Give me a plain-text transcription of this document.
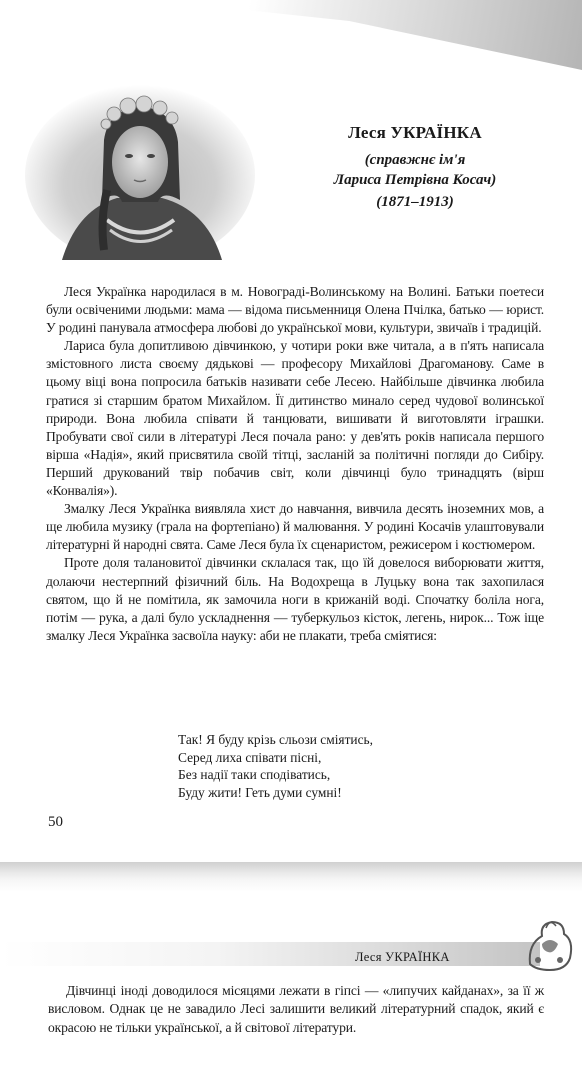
Леся УКРАЇНКА
(справжнє ім'я
Лариса Петрівна Косач)
(1871–1913)

Леся Українка народилася в м. Новограді-Волинському на Волині. Батьки поетеси були освіченими людьми: мама — відома письменниця Олена Пчілка, батько — юрист. У родині панувала атмосфера любові до української мови, культури, звичаїв і традицій.

Лариса була допитливою дівчинкою, у чотири роки вже читала, а в п'ять написала змістовного листа своєму дядькові — професору Михайлові Драгоманову. Саме в цьому віці вона попросила батьків називати себе Лесею. Найбільше дівчинка любила гратися зі старшим братом Михайлом. Її дитинство минало серед чудової волинської природи. Вона любила співати й танцювати, вишивати й виготовляти іграшки. Пробувати свої сили в літературі Леся почала рано: у дев'ять років написала першого вірша «Надія», який присвятила своїй тітці, засланій за політичні погляди до Сибіру. Перший друкований твір побачив світ, коли дівчинці було тринадцять (вірш «Конвалія»).

Змалку Леся Українка виявляла хист до навчання, вивчила десять іноземних мов, а ще любила музику (грала на фортепіано) й малювання. У родині Косачів улаштовували літературні й народні свята. Саме Леся була їх сценаристом, режисером і костюмером.

Проте доля талановитої дівчинки склалася так, що їй довелося виборювати життя, долаючи нестерпний фізичний біль. На Водохреща в Луцьку вона так захопилася святом, що й не помітила, як замочила ноги в крижаній воді. Спочатку боліла нога, потім — рука, а далі було ускладнення — туберкульоз кісток, легень, нирок... Тож іще змалку Леся Українка засвоїла науку: аби не плакати, треба сміятися:

Так! Я буду крізь сльози сміятись,
Серед лиха співати пісні,
Без надії таки сподіватись,
Буду жити! Геть думи сумні!
50
Леся УКРАЇНКА

Дівчинці іноді доводилося місяцями лежати в гіпсі — «липучих кайданах», за її ж висловом. Однак це не завадило Лесі залишити великий літературний спадок, який є окрасою не тільки української, а й світової літератури.
